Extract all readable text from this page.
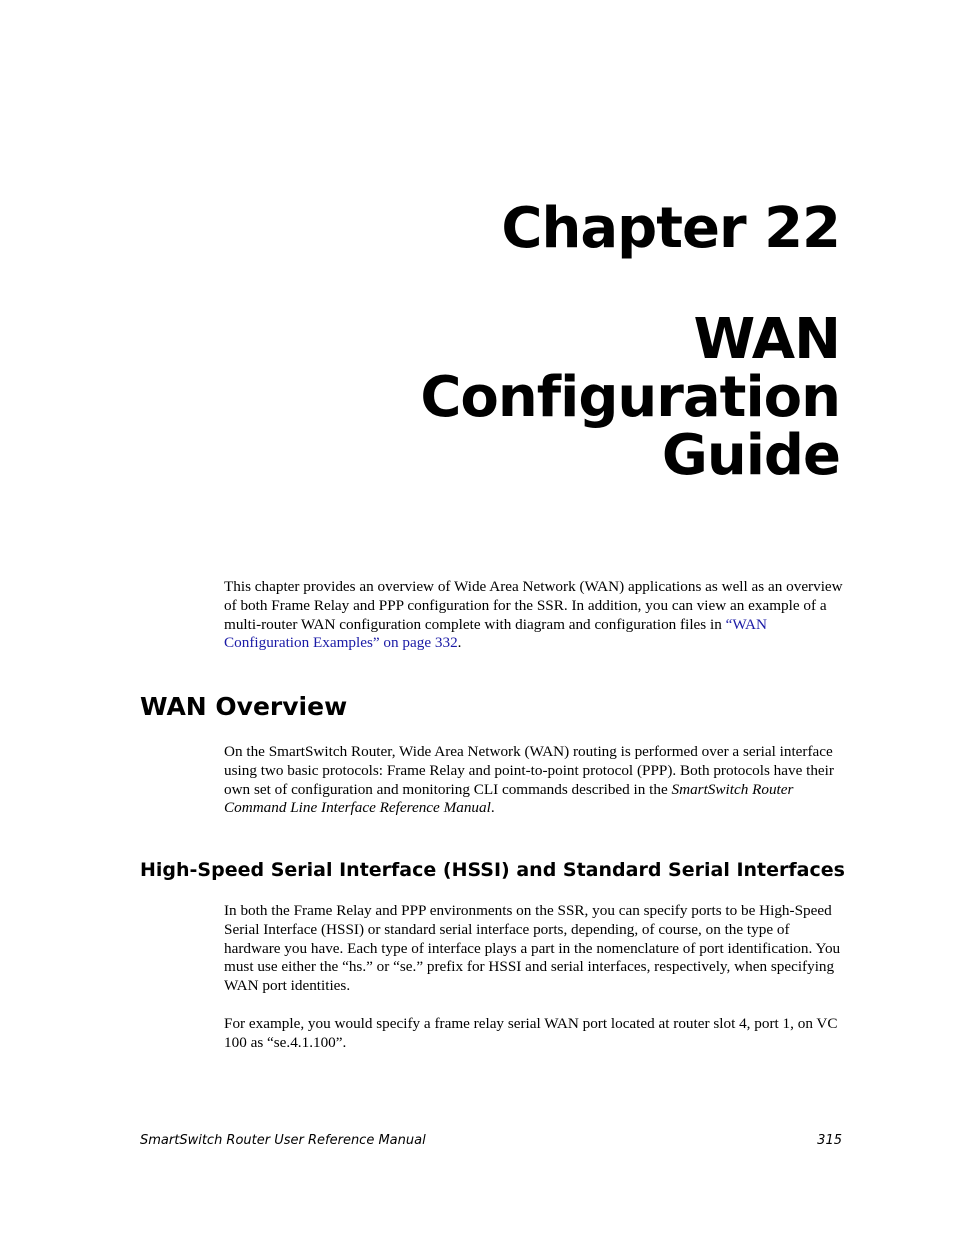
Chapter 22
WAN
Configuration
Guide

This chapter provides an overview of Wide Area Network (WAN) applications as well as an overview of both Frame Relay and PPP configuration for the SSR. In addition, you can view an example of a multi-router WAN configuration complete with diagram and configuration files in “WAN Configuration Examples” on page 332.

WAN Overview

On the SmartSwitch Router, Wide Area Network (WAN) routing is performed over a serial interface using two basic protocols: Frame Relay and point-to-point protocol (PPP). Both protocols have their own set of configuration and monitoring CLI commands described in the SmartSwitch Router Command Line Interface Reference Manual.

High-Speed Serial Interface (HSSI) and Standard Serial Interfaces

In both the Frame Relay and PPP environments on the SSR, you can specify ports to be High-Speed Serial Interface (HSSI) or standard serial interface ports, depending, of course, on the type of hardware you have. Each type of interface plays a part in the nomenclature of port identification. You must use either the “hs.” or “se.” prefix for HSSI and serial interfaces, respectively, when specifying WAN port identities.

For example, you would specify a frame relay serial WAN port located at router slot 4, port 1, on VC 100 as “se.4.1.100”.

SmartSwitch Router User Reference Manual	315
